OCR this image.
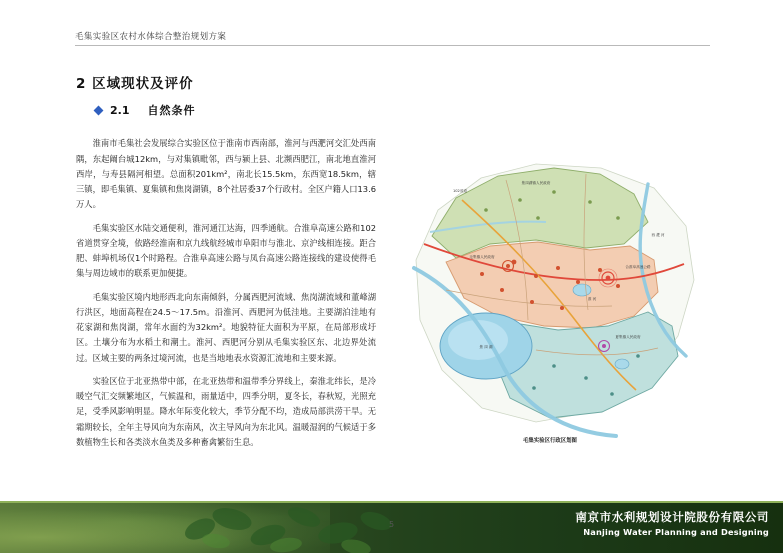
毛集实验区农村水体综合整治规划方案
2 区域现状及评价
2.1 自然条件

淮南市毛集社会发展综合实验区位于淮南市西南部，淮河与西淝河交汇处西南隅，东起阚台城12km，与对集镇毗邻，西与颍上县、北濒西肥江，南北地直淮河西岸，与寿县隔河相望。总面积201km²，南北长15.5km，东西宽18.5km，辖三镇，即毛集镇、夏集镇和焦岗湖镇，8个社居委37个行政村。全区户籍人口13.6万人。

毛集实验区水陆交通便利，淮河通江达海，四季通航。合淮阜高速公路和102省道贯穿全境，依路经淮南和京九线航经城市阜阳市与淮北、京沪线相连接。距合肥、蚌埠机场仅1个时路程。合淮阜高速公路与凤台高速公路连接线的建设使得毛集与周边域市的联系更加便捷。

毛集实验区境内地形西北向东南倾斜，分属西肥河流域、焦岗湖流域和董峰湖行洪区，地面高程在24.5～17.5m。沿淮河、西肥河为低洼地。主要湖泊洼地有花家湖和焦岗湖，常年水面约为32km²。地貌特征大面积为平原，在局部形成圩区。土壤分布为水稻土和潮土。淮河、西肥河分别从毛集实验区东、北边界处流过。区域主要的两条过境河流，也是当地地表水资源汇流地和主要来源。

实验区位于北亚热带中部，在北亚热带和温带季分界线上，秦淮北纬长，是冷暖空气汇交频繁地区，气候温和，雨量适中，四季分明，夏冬长，春秋短，光照充足，受季风影响明显。降水年际变化较大，季节分配不均，造成局部洪涝干旱。无霜期较长，全年主导风向为东南风，次主导风向为东北风。温暖湿润的气候适于多数植物生长和各类淡水鱼类及多种畜禽繁衍生息。

焦岗湖镇人民政府
毛集镇人民政府
夏集镇人民政府
焦 岗 湖
淮 河
西 淝 河
合淮阜高速公路
102省道
毛集实验区行政区划图
南京市水利规划设计院股份有限公司
Nanjing Water Planning and Designing
5
